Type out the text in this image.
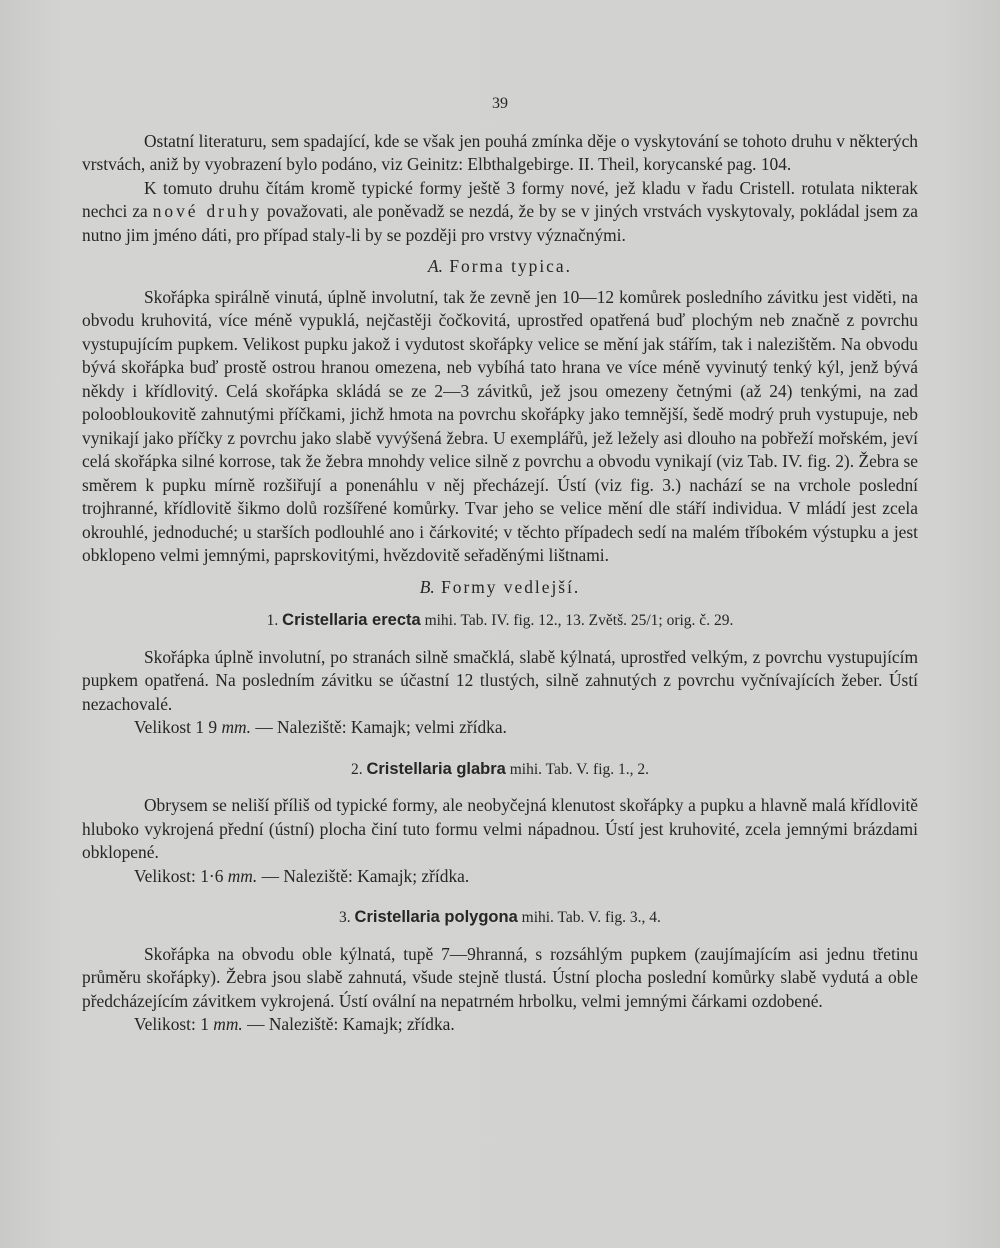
39

Ostatní literaturu, sem spadající, kde se však jen pouhá zmínka děje o vyskytování se tohoto druhu v některých vrstvách, aniž by vyobrazení bylo podáno, viz Geinitz: Elbthalgebirge. II. Theil, korycanské pag. 104.

K tomuto druhu čítám kromě typické formy ještě 3 formy nové, jež kladu v řadu Cristell. rotulata nikterak nechci za nové druhy považovati, ale poněvadž se nezdá, že by se v jiných vrstvách vyskytovaly, pokládal jsem za nutno jim jméno dáti, pro případ staly-li by se později pro vrstvy význačnými.

A. Forma typica.

Skořápka spirálně vinutá, úplně involutní, tak že zevně jen 10—12 komůrek posledního závitku jest viděti, na obvodu kruhovitá, více méně vypuklá, nejčastěji čočkovitá, uprostřed opatřená buď plochým neb značně z povrchu vystupujícím pupkem. Velikost pupku jakož i vydutost skořápky velice se mění jak stářím, tak i nalezištěm. Na obvodu bývá skořápka buď prostě ostrou hranou omezena, neb vybíhá tato hrana ve více méně vyvinutý tenký kýl, jenž bývá někdy i křídlovitý. Celá skořápka skládá se ze 2—3 závitků, jež jsou omezeny četnými (až 24) tenkými, na zad poloobloukovitě zahnutými příčkami, jichž hmota na povrchu skořápky jako temnější, šedě modrý pruh vystupuje, neb vynikají jako příčky z povrchu jako slabě vyvýšená žebra. U exemplářů, jež ležely asi dlouho na pobřeží mořském, jeví celá skořápka silné korrose, tak že žebra mnohdy velice silně z povrchu a obvodu vynikají (viz Tab. IV. fig. 2). Žebra se směrem k pupku mírně rozšiřují a ponenáhlu v něj přecházejí. Ústí (viz fig. 3.) nachází se na vrchole poslední trojhranné, křídlovitě šikmo dolů rozšířené komůrky. Tvar jeho se velice mění dle stáří individua. V mládí jest zcela okrouhlé, jednoduché; u starších podlouhlé ano i čárkovité; v těchto případech sedí na malém tříbokém výstupku a jest obklopeno velmi jemnými, paprskovitými, hvězdovitě seřaděnými lištnami.

B. Formy vedlejší.
1. Cristellaria erecta mihi. Tab. IV. fig. 12., 13. Zvětš. 25/1; orig. č. 29.

Skořápka úplně involutní, po stranách silně smačklá, slabě kýlnatá, uprostřed velkým, z povrchu vystupujícím pupkem opatřená. Na posledním závitku se účastní 12 tlustých, silně zahnutých z povrchu vyčnívajících žeber. Ústí nezachovalé.

Velikost 1 9 mm. — Naleziště: Kamajk; velmi zřídka.

2. Cristellaria glabra mihi. Tab. V. fig. 1., 2.

Obrysem se neliší příliš od typické formy, ale neobyčejná klenutost skořápky a pupku a hlavně malá křídlovitě hluboko vykrojená přední (ústní) plocha činí tuto formu velmi nápadnou. Ústí jest kruhovité, zcela jemnými brázdami obklopené.

Velikost: 1·6 mm. — Naleziště: Kamajk; zřídka.

3. Cristellaria polygona mihi. Tab. V. fig. 3., 4.

Skořápka na obvodu oble kýlnatá, tupě 7—9hranná, s rozsáhlým pupkem (zaujímajícím asi jednu třetinu průměru skořápky). Žebra jsou slabě zahnutá, všude stejně tlustá. Ústní plocha poslední komůrky slabě vydutá a oble předcházejícím závitkem vykrojená. Ústí ovální na nepatrném hrbolku, velmi jemnými čárkami ozdobené.

Velikost: 1 mm. — Naleziště: Kamajk; zřídka.
